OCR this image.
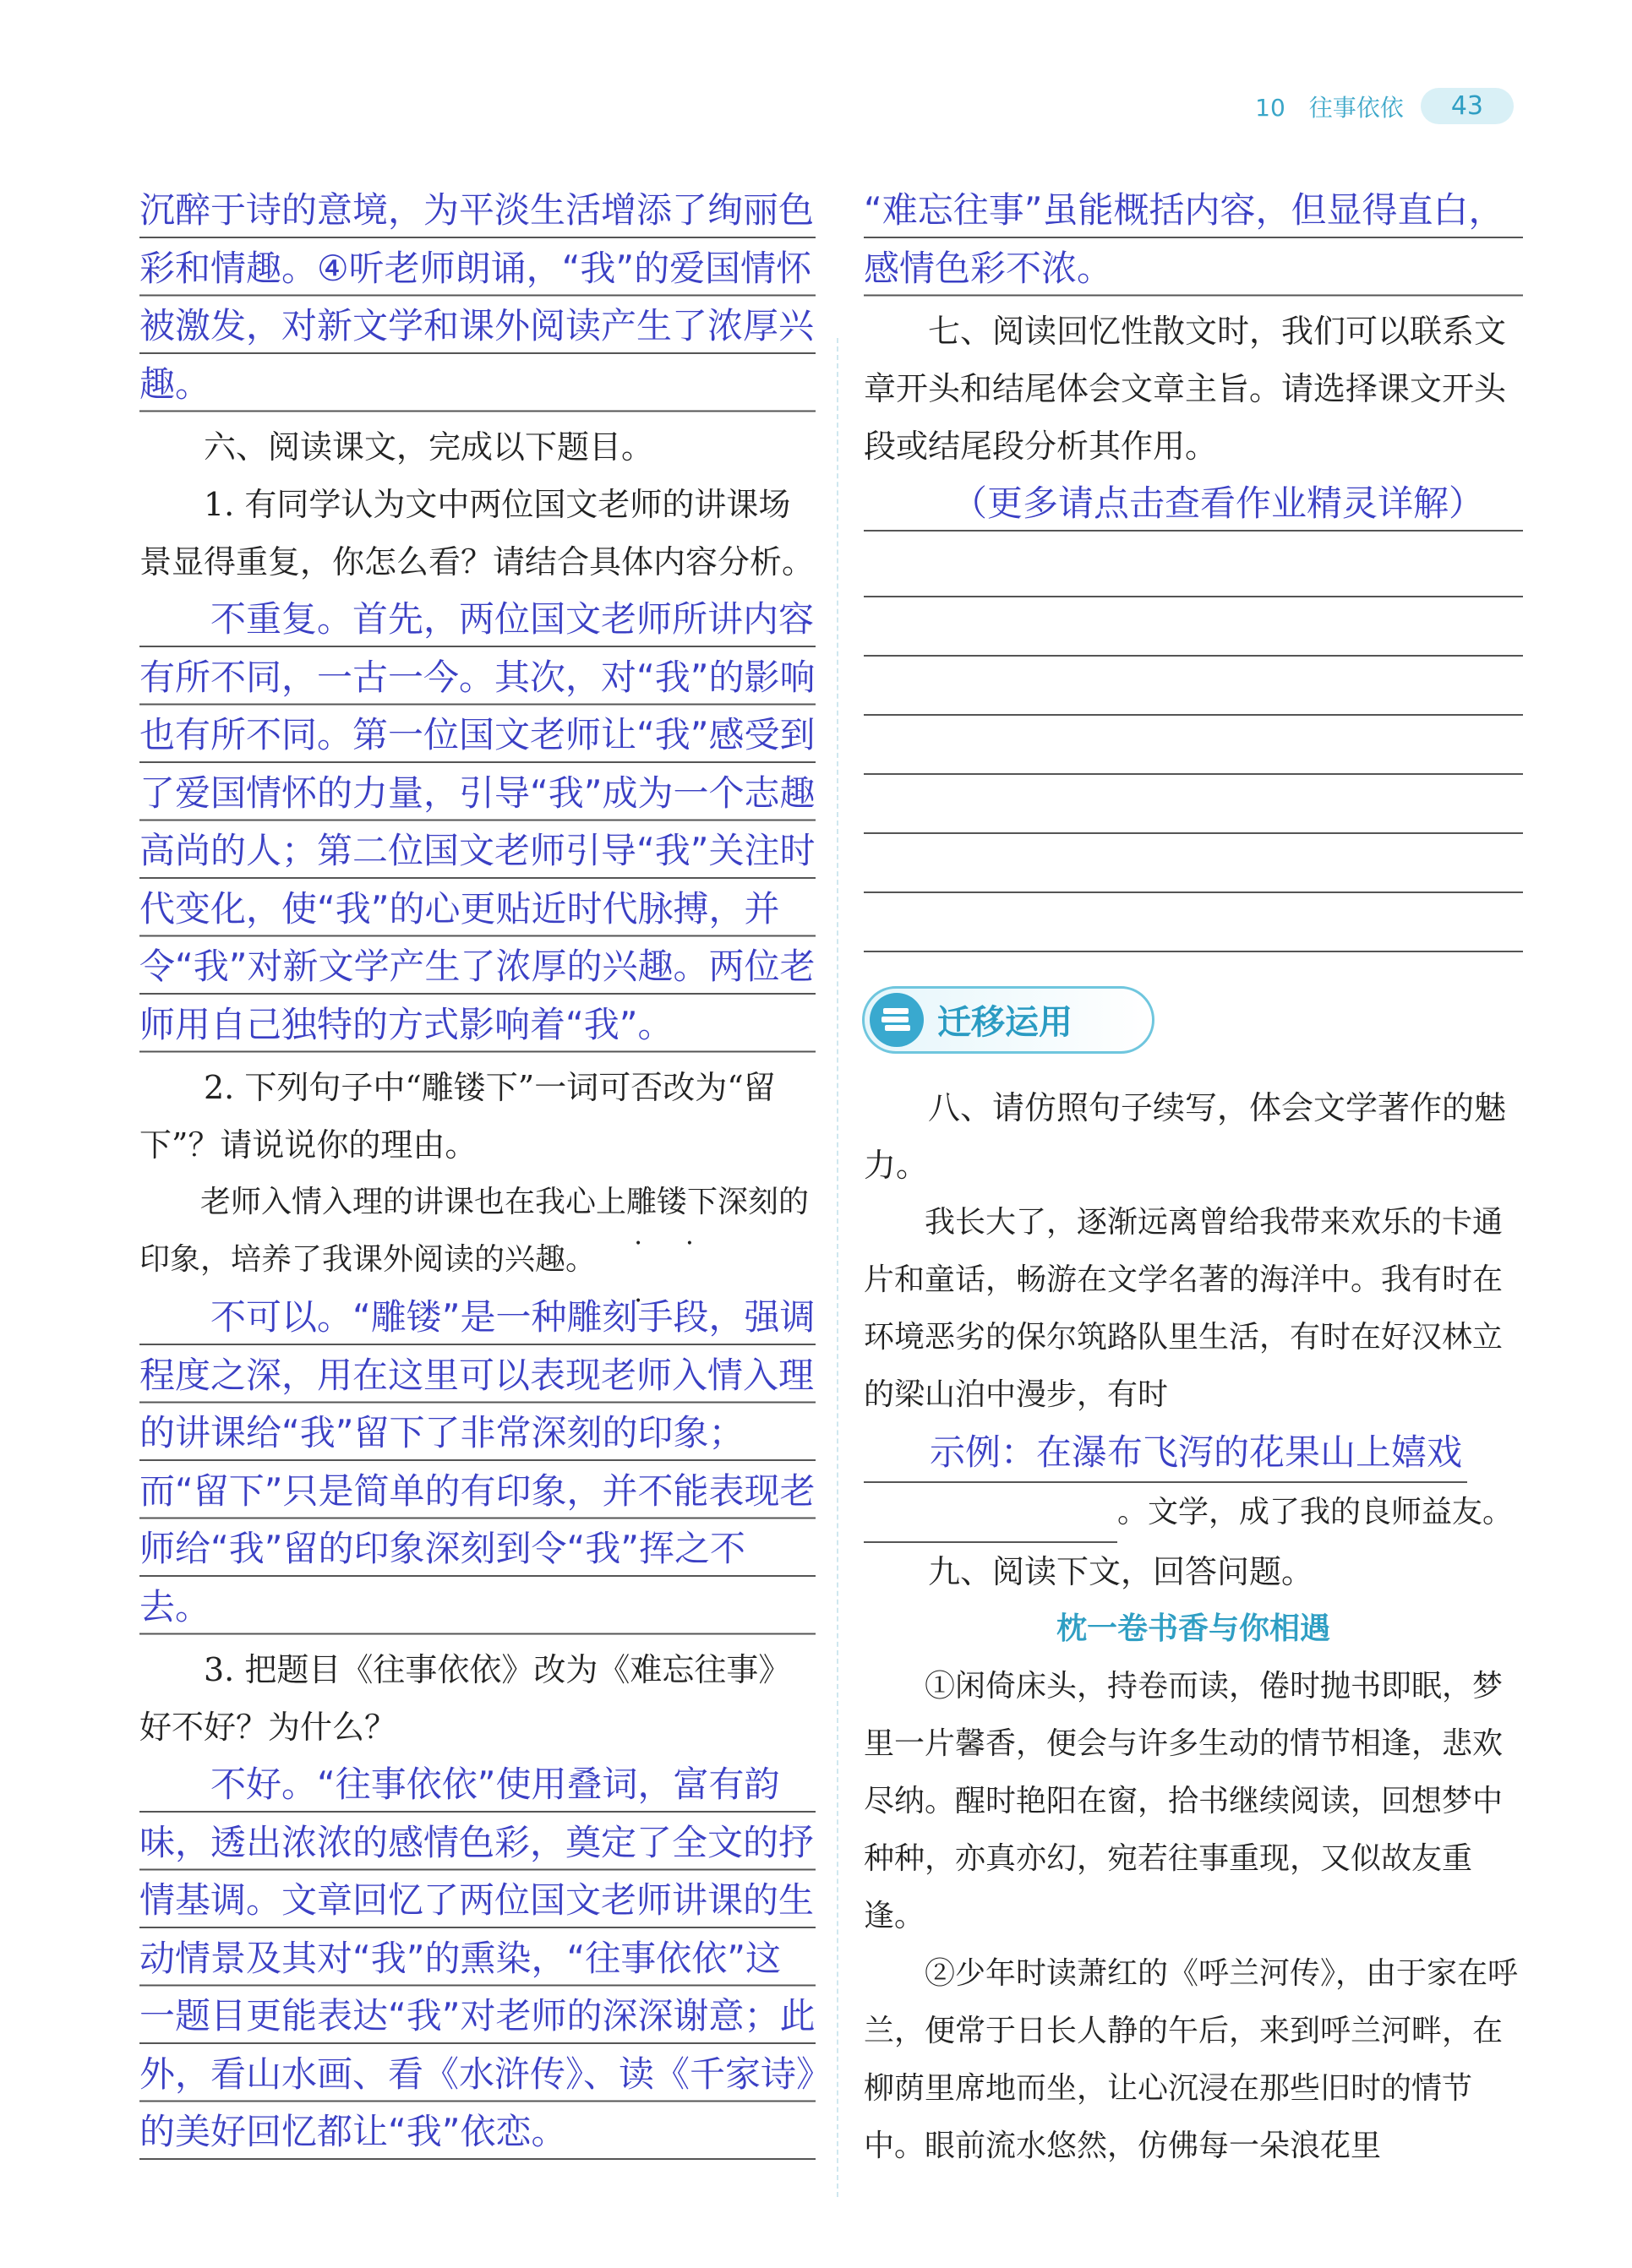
10　往事依依	43

沉醉于诗的意境，为平淡生活增添了绚丽色彩和情趣。④听老师朗诵，“我”的爱国情怀被激发，对新文学和课外阅读产生了浓厚兴趣。

六、阅读课文，完成以下题目。

1. 有同学认为文中两位国文老师的讲课场景显得重复，你怎么看？请结合具体内容分析。

不重复。首先，两位国文老师所讲内容有所不同，一古一今。其次，对“我”的影响也有所不同。第一位国文老师让“我”感受到了爱国情怀的力量，引导“我”成为一个志趣高尚的人；第二位国文老师引导“我”关注时代变化，使“我”的心更贴近时代脉搏，并令“我”对新文学产生了浓厚的兴趣。两位老师用自己独特的方式影响着“我”。

2. 下列句子中“雕镂下”一词可否改为“留下”？请说说你的理由。

老师入情入理的讲课也在我心上雕镂下 • • •深刻的印象，培养了我课外阅读的兴趣。

不可以。“雕镂”是一种雕刻手段，强调程度之深，用在这里可以表现老师入情入理的讲课给“我”留下了非常深刻的印象；而“留下”只是简单的有印象，并不能表现老师给“我”留的印象深刻到令“我”挥之不去。

3. 把题目《往事依依》改为《难忘往事》好不好？为什么？

不好。“往事依依”使用叠词，富有韵味，透出浓浓的感情色彩，奠定了全文的抒情基调。文章回忆了两位国文老师讲课的生动情景及其对“我”的熏染，“往事依依”这一题目更能表达“我”对老师的深深谢意；此外，看山水画、看《水浒传》、读《千家诗》的美好回忆都让“我”依恋。

“难忘往事”虽能概括内容，但显得直白，感情色彩不浓。

七、阅读回忆性散文时，我们可以联系文章开头和结尾体会文章主旨。请选择课文开头段或结尾段分析其作用。

（更多请点击查看作业精灵详解）

迁移运用

八、请仿照句子续写，体会文学著作的魅力。

我长大了，逐渐远离曾给我带来欢乐的卡通片和童话，畅游在文学名著的海洋中。我有时在环境恶劣的保尔筑路队里生活，有时在好汉林立的梁山泊中漫步，有时示例：在瀑布飞泻的花果山上嬉戏 。文学，成了我的良师益友。

九、阅读下文，回答问题。

枕一卷书香与你相遇

①闲倚床头，持卷而读，倦时抛书即眠，梦里一片馨香，便会与许多生动的情节相逢，悲欢尽纳。醒时艳阳在窗，拾书继续阅读，回想梦中种种，亦真亦幻，宛若往事重现，又似故友重逢。

②少年时读萧红的《呼兰河传》，由于家在呼兰，便常于日长人静的午后，来到呼兰河畔，在柳荫里席地而坐，让心沉浸在那些旧时的情节中。眼前流水悠然，仿佛每一朵浪花里
